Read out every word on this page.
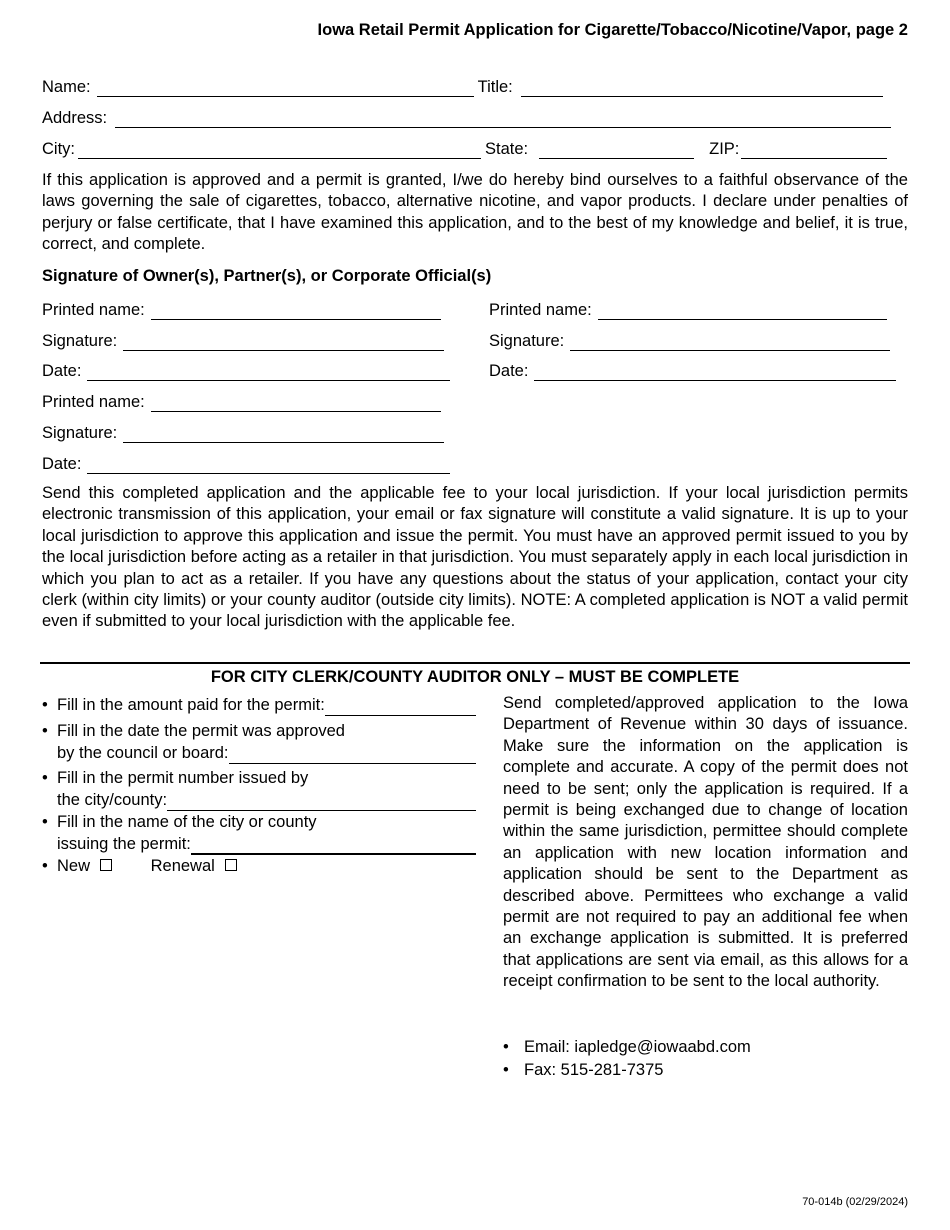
Iowa Retail Permit Application for Cigarette/Tobacco/Nicotine/Vapor, page 2
Name:	Title:
Address:
City:	State:	ZIP:
If this application is approved and a permit is granted, I/we do hereby bind ourselves to a faithful observance of the laws governing the sale of cigarettes, tobacco, alternative nicotine, and vapor products. I declare under penalties of perjury or false certificate, that I have examined this application, and to the best of my knowledge and belief, it is true, correct, and complete.
Signature of Owner(s), Partner(s), or Corporate Official(s)
Printed name:
Signature:
Date:
Printed name:
Signature:
Date:
Printed name:
Signature:
Date:
Send this completed application and the applicable fee to your local jurisdiction. If your local jurisdiction permits electronic transmission of this application, your email or fax signature will constitute a valid signature. It is up to your local jurisdiction to approve this application and issue the permit. You must have an approved permit issued to you by the local jurisdiction before acting as a retailer in that jurisdiction. You must separately apply in each local jurisdiction in which you plan to act as a retailer. If you have any questions about the status of your application, contact your city clerk (within city limits) or your county auditor (outside city limits). NOTE: A completed application is NOT a valid permit even if submitted to your local jurisdiction with the applicable fee.
FOR CITY CLERK/COUNTY AUDITOR ONLY – MUST BE COMPLETE
• Fill in the amount paid for the permit:
• Fill in the date the permit was approved
by the council or board:
• Fill in the permit number issued by
the city/county:
• Fill in the name of the city or county
issuing the permit:
• New	Renewal
Send completed/approved application to the Iowa Department of Revenue within 30 days of issuance. Make sure the information on the application is complete and accurate. A copy of the permit does not need to be sent; only the application is required. If a permit is being exchanged due to change of location within the same jurisdiction, permittee should complete an application with new location information and application should be sent to the Department as described above. Permittees who exchange a valid permit are not required to pay an additional fee when an exchange application is submitted. It is preferred that applications are sent via email, as this allows for a receipt confirmation to be sent to the local authority.
• Email: iapledge@iowaabd.com
• Fax: 515-281-7375
70-014b (02/29/2024)
